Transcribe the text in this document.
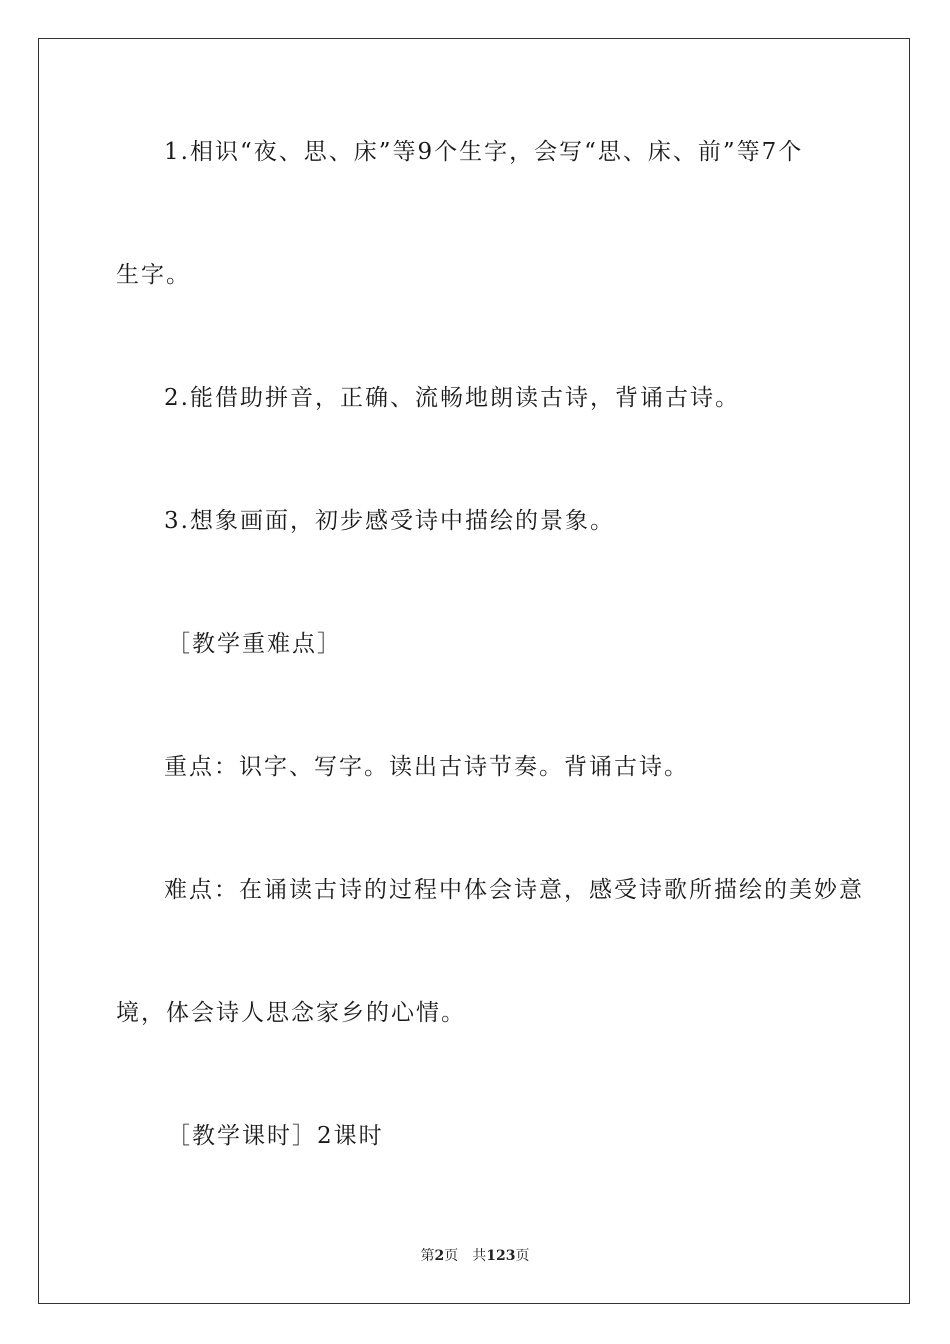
1.相识“夜、思、床”等9个生字，会写“思、床、前”等7个
生字。
2.能借助拼音，正确、流畅地朗读古诗，背诵古诗。
3.想象画面，初步感受诗中描绘的景象。
［教学重难点］
重点：识字、写字。读出古诗节奏。背诵古诗。
难点：在诵读古诗的过程中体会诗意，感受诗歌所描绘的美妙意
境，体会诗人思念家乡的心情。
［教学课时］2课时
第2页 共123页
